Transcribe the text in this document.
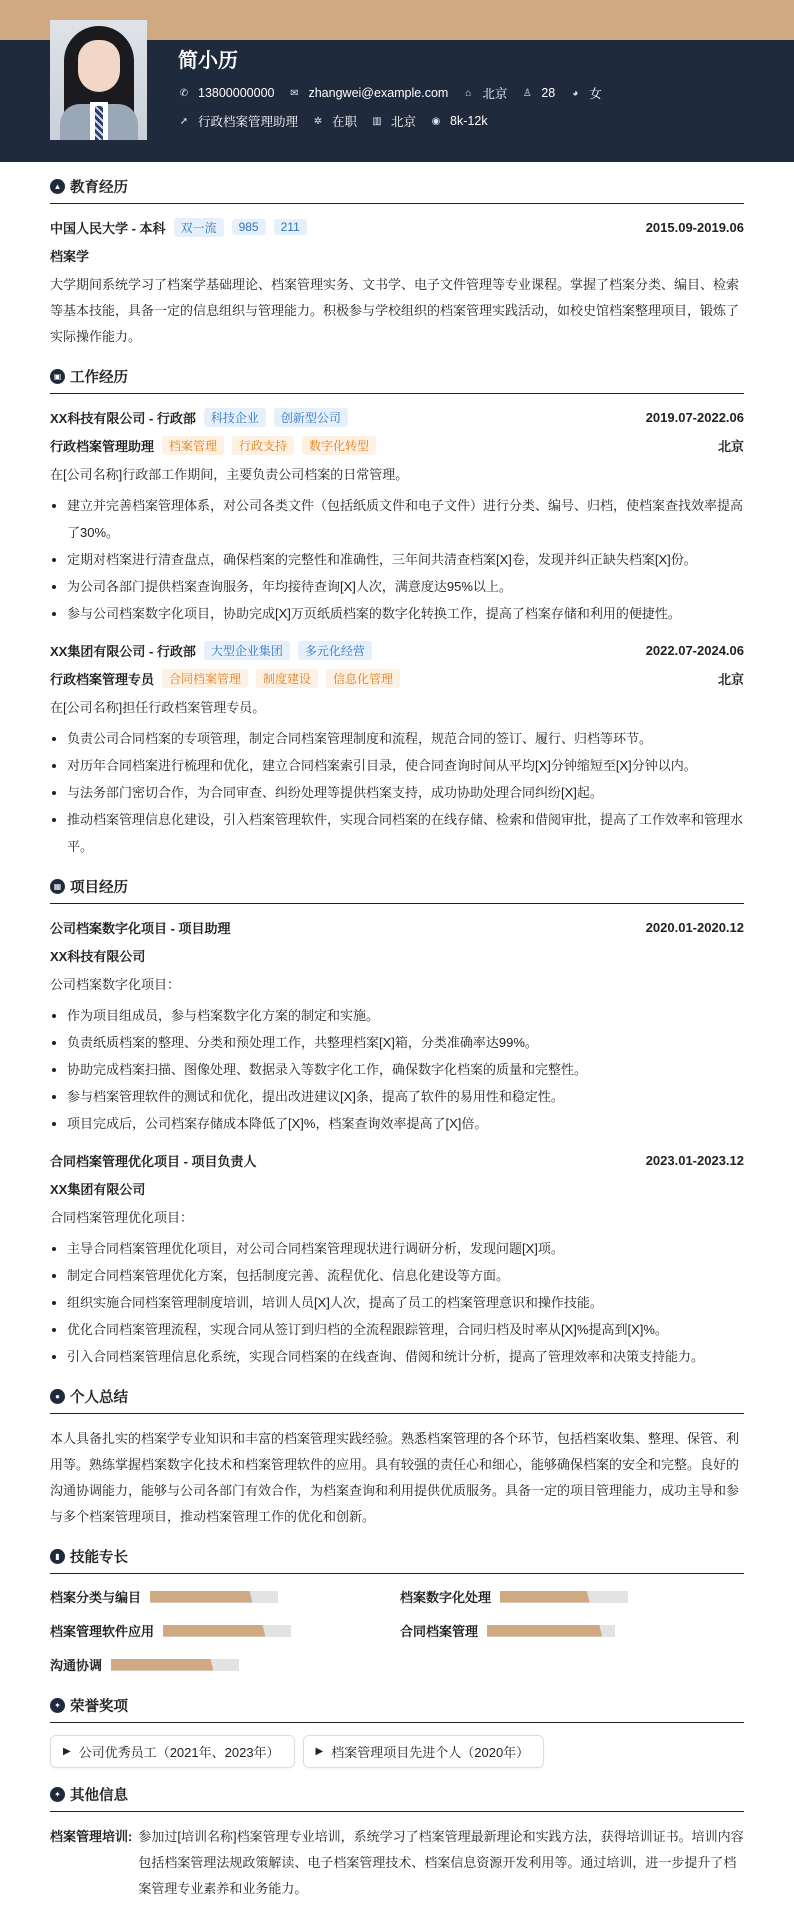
简小历
✆ 13800000000 ✉ zhangwei@example.com ⌂ 北京 ♙ 28 ◕ 女
➚ 行政档案管理助理 ✲ 在职 ▥ 北京 ◉ 8k-12k
▲ 教育经历
中国人民大学 - 本科	双一流	985	211	2015.09-2019.06
档案学

大学期间系统学习了档案学基础理论、档案管理实务、文书学、电子文件管理等专业课程。掌握了档案分类、编目、检索等基本技能，具备一定的信息组织与管理能力。积极参与学校组织的档案管理实践活动，如校史馆档案整理项目，锻炼了实际操作能力。

▣ 工作经历
XX科技有限公司 - 行政部	科技企业	创新型公司	2019.07-2022.06
行政档案管理助理	档案管理	行政支持	数字化转型	北京

在[公司名称]行政部工作期间，主要负责公司档案的日常管理。

建立并完善档案管理体系，对公司各类文件（包括纸质文件和电子文件）进行分类、编号、归档，使档案查找效率提高了30%。
定期对档案进行清查盘点，确保档案的完整性和准确性，三年间共清查档案[X]卷，发现并纠正缺失档案[X]份。
为公司各部门提供档案查询服务，年均接待查询[X]人次，满意度达95%以上。
参与公司档案数字化项目，协助完成[X]万页纸质档案的数字化转换工作，提高了档案存储和利用的便捷性。
XX集团有限公司 - 行政部	大型企业集团	多元化经营	2022.07-2024.06
行政档案管理专员	合同档案管理	制度建设	信息化管理	北京

在[公司名称]担任行政档案管理专员。

负责公司合同档案的专项管理，制定合同档案管理制度和流程，规范合同的签订、履行、归档等环节。
对历年合同档案进行梳理和优化，建立合同档案索引目录，使合同查询时间从平均[X]分钟缩短至[X]分钟以内。
与法务部门密切合作，为合同审查、纠纷处理等提供档案支持，成功协助处理合同纠纷[X]起。
推动档案管理信息化建设，引入档案管理软件，实现合同档案的在线存储、检索和借阅审批，提高了工作效率和管理水平。
▦ 项目经历
公司档案数字化项目 - 项目助理	2020.01-2020.12
XX科技有限公司

公司档案数字化项目：

作为项目组成员，参与档案数字化方案的制定和实施。
负责纸质档案的整理、分类和预处理工作，共整理档案[X]箱，分类准确率达99%。
协助完成档案扫描、图像处理、数据录入等数字化工作，确保数字化档案的质量和完整性。
参与档案管理软件的测试和优化，提出改进建议[X]条，提高了软件的易用性和稳定性。
项目完成后，公司档案存储成本降低了[X]%，档案查询效率提高了[X]倍。
合同档案管理优化项目 - 项目负责人	2023.01-2023.12
XX集团有限公司

合同档案管理优化项目：

主导合同档案管理优化项目，对公司合同档案管理现状进行调研分析，发现问题[X]项。
制定合同档案管理优化方案，包括制度完善、流程优化、信息化建设等方面。
组织实施合同档案管理制度培训，培训人员[X]人次，提高了员工的档案管理意识和操作技能。
优化合同档案管理流程，实现合同从签订到归档的全流程跟踪管理，合同归档及时率从[X]%提高到[X]%。
引入合同档案管理信息化系统，实现合同档案的在线查询、借阅和统计分析，提高了管理效率和决策支持能力。
● 个人总结

本人具备扎实的档案学专业知识和丰富的档案管理实践经验。熟悉档案管理的各个环节，包括档案收集、整理、保管、利用等。熟练掌握档案数字化技术和档案管理软件的应用。具有较强的责任心和细心，能够确保档案的安全和完整。良好的沟通协调能力，能够与公司各部门有效合作，为档案查询和利用提供优质服务。具备一定的项目管理能力，成功主导和参与多个档案管理项目，推动档案管理工作的优化和创新。

▮ 技能专长
档案分类与编目	档案数字化处理
档案管理软件应用	合同档案管理
沟通协调
✦ 荣誉奖项
▶ 公司优秀员工（2021年、2023年）	▶ 档案管理项目先进个人（2020年）
✦ 其他信息
档案管理培训: 参加过[培训名称]档案管理专业培训，系统学习了档案管理最新理论和实践方法，获得培训证书。培训内容包括档案管理法规政策解读、电子档案管理技术、档案信息资源开发利用等。通过培训，进一步提升了档案管理专业素养和业务能力。
